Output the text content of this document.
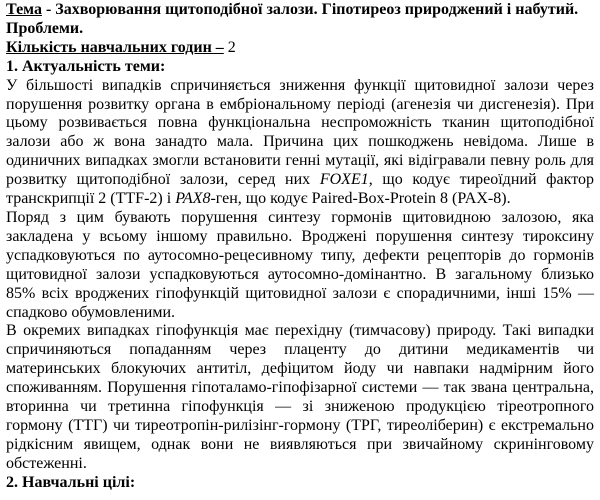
Тема - Захворювання щитоподібної залози. Гіпотиреоз природжений і набутий. Проблеми.
Кількість навчальних годин – 2
1. Актуальність теми:
У більшості випадків спричиняється зниження функції щитовидної залози через порушення розвитку органа в ембріональному періоді (агенезія чи дисгенезія). При цьому розвивається повна функціональна неспроможність тканин щитоподібної залози або ж вона занадто мала. Причина цих пошкоджень невідома. Лише в одиничних випадках змогли встановити генні мутації, які відігравали певну роль для розвитку щитоподібної залози, серед них FOXE1, що кодує тиреоїдний фактор транскрипції 2 (TTF-2) і PAX8-ген, що кодує Paired-Box-Protein 8 (PAX-8).
Поряд з цим бувають порушення синтезу гормонів щитовидною залозою, яка закладена у всьому іншому правильно. Вроджені порушення синтезу тироксину успадковуються по аутосомно-рецесивному типу, дефекти рецепторів до гормонів щитовидної залози успадковуються аутосомно-домінантно. В загальному близько 85% всіх вроджених гіпофункцій щитовидної залози є спорадичними, інші 15% — спадково обумовленими.
В окремих випадках гіпофункція має перехідну (тимчасову) природу. Такі випадки спричиняються попаданням через плаценту до дитини медикаментів чи материнських блокуючих антитіл, дефіцитом йоду чи навпаки надмірним його споживанням. Порушення гіпоталамо-гіпофізарної системи — так звана центральна, вторинна чи третинна гіпофункція — зі зниженою продукцією тіреотропного гормону (ТТГ) чи тиреотропін-рилізінг-гормону (ТРГ, тиреоліберин) є екстремально рідкісним явищем, однак вони не виявляються при звичайному скринінговому обстеженні.
2. Навчальні цілі:
